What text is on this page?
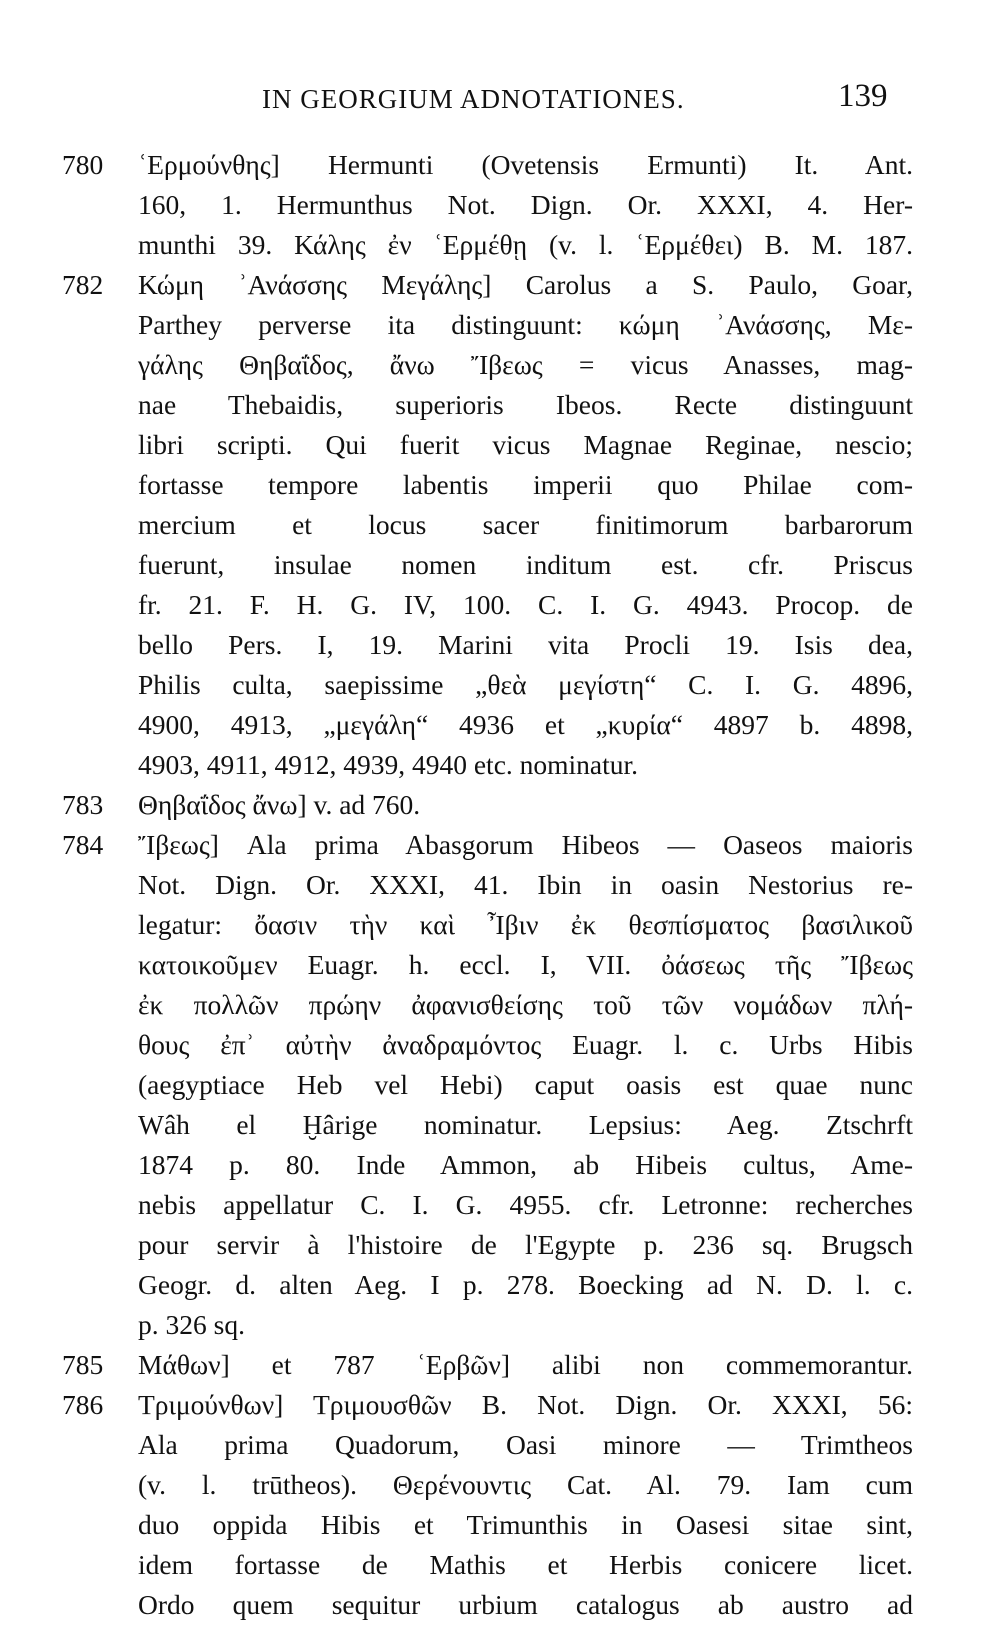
IN GEORGIUM ADNOTATIONES.	139
780 ʿΕρμούνθης] Hermunti (Ovetensis Ermunti) It. Ant.
160, 1. Hermunthus Not. Dign. Or. XXXI, 4. Her-
munthi 39. Κάλης ἐν ʿΕρμέθῃ (v. l. ʿΕρμέθει) B. M. 187.
782 Κώμη ʾΑνάσσης Μεγάλης] Carolus a S. Paulo, Goar,
Parthey perverse ita distinguunt: κώμη ʾΑνάσσης, Με-
γάλης Θηβαΐδος, ἄνω Ἴβεως = vicus Anasses, mag-
nae Thebaidis, superioris Ibeos. Recte distinguunt
libri scripti. Qui fuerit vicus Magnae Reginae, nescio;
fortasse tempore labentis imperii quo Philae com-
mercium et locus sacer finitimorum barbarorum
fuerunt, insulae nomen inditum est. cfr. Priscus
fr. 21. F. H. G. IV, 100. C. I. G. 4943. Procop. de
bello Pers. I, 19. Marini vita Procli 19. Isis dea,
Philis culta, saepissime „θεὰ μεγίστη“ C. I. G. 4896,
4900, 4913, „μεγάλη“ 4936 et „κυρία“ 4897 b. 4898,
4903, 4911, 4912, 4939, 4940 etc. nominatur.
783 Θηβαΐδος ἄνω] v. ad 760.
784 Ἴβεως] Ala prima Abasgorum Hibeos — Oaseos maioris
Not. Dign. Or. XXXI, 41. Ibin in oasin Nestorius re-
legatur: ὄασιν τὴν καὶ Ἶβιν ἐκ θεσπίσματος βασιλικοῦ
κατοικοῦμεν Euagr. h. eccl. I, VII. ὀάσεως τῆς Ἴβεως
ἐκ πολλῶν πρώην ἀφανισθείσης τοῦ τῶν νομάδων πλή-
θους ἐπʾ αὐτὴν ἀναδραμόντος Euagr. l. c. Urbs Hibis
(aegyptiace Heb vel Hebi) caput oasis est quae nunc
Wâh el Ḫârige nominatur. Lepsius: Aeg. Ztschrft
1874 p. 80. Inde Ammon, ab Hibeis cultus, Ame-
nebis appellatur C. I. G. 4955. cfr. Letronne: recherches
pour servir à l'histoire de l'Egypte p. 236 sq. Brugsch
Geogr. d. alten Aeg. I p. 278. Boecking ad N. D. l. c.
p. 326 sq.
785 Μάθων] et 787 ʿΕρβῶν] alibi non commemorantur.
786 Τριμούνθων] Τριμουσθῶν B. Not. Dign. Or. XXXI, 56:
Ala prima Quadorum, Oasi minore — Trimtheos
(v. l. trūtheos). Θερένουντις Cat. Al. 79. Iam cum
duo oppida Hibis et Trimunthis in Oasesi sitae sint,
idem fortasse de Mathis et Herbis conicere licet.
Ordo quem sequitur urbium catalogus ab austro ad
